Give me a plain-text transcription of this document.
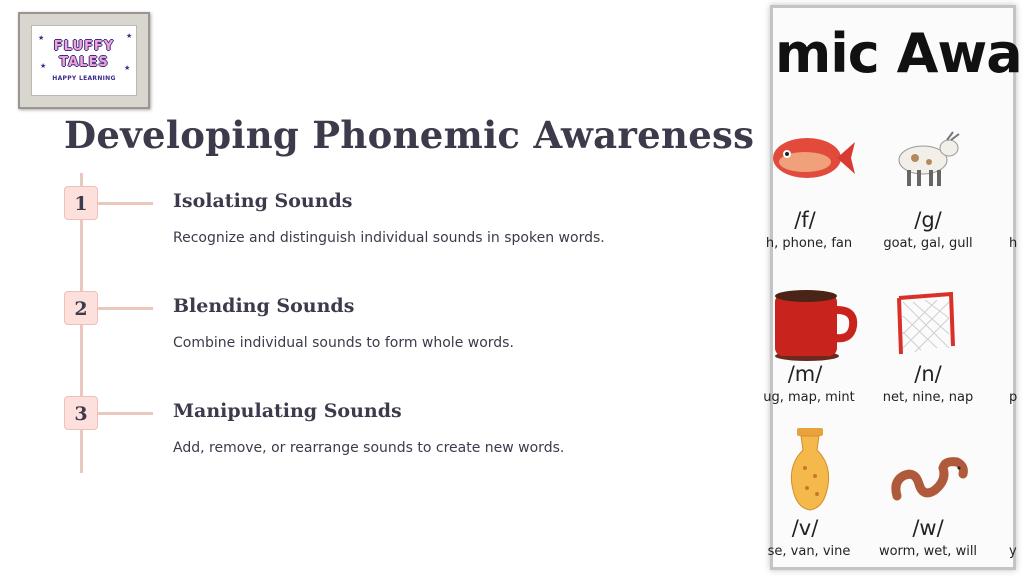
★	★
★	★
FLUFFY
TALES
HAPPY LEARNING
Developing Phonemic Awareness
1	Isolating Sounds

Recognize and distinguish individual sounds in spoken words.

2	Blending Sounds

Combine individual sounds to form whole words.

3	Manipulating Sounds

Add, remove, or rearrange sounds to create new words.

mic Awa
/f/
h, phone, fan
/g/
goat, gal, gull
/m/
ug, map, mint
/n/
net, nine, nap
/v/
se, van, vine
/w/
worm, wet, will
h
p
y
